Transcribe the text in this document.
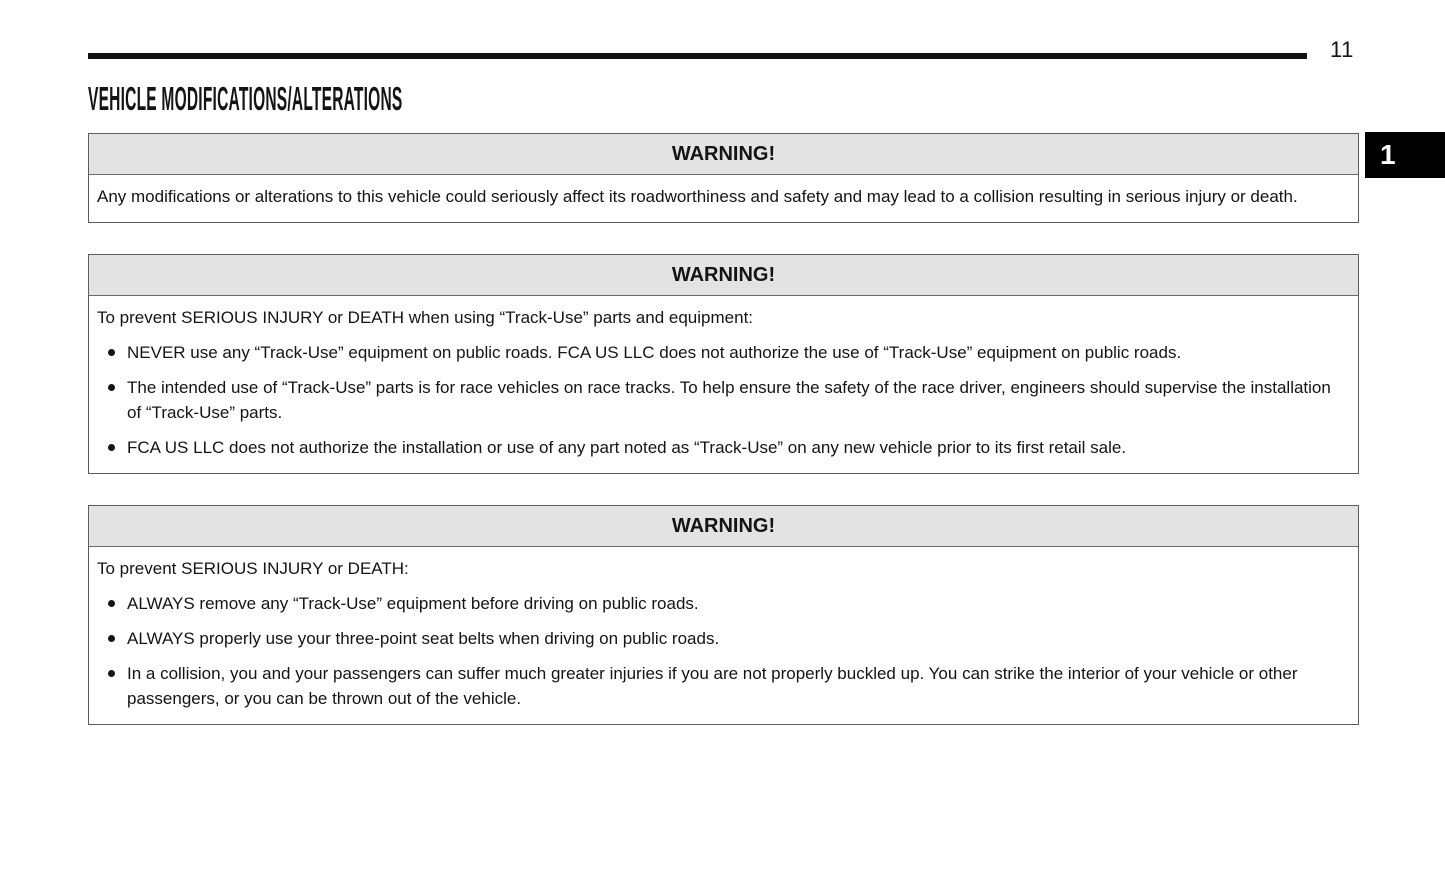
11
VEHICLE MODIFICATIONS/ALTERATIONS
1
WARNING!

Any modifications or alterations to this vehicle could seriously affect its roadworthiness and safety and may lead to a collision resulting in serious injury or death.

WARNING!

To prevent SERIOUS INJURY or DEATH when using “Track-Use” parts and equipment:

NEVER use any “Track-Use” equipment on public roads. FCA US LLC does not authorize the use of “Track-Use” equipment on public roads.
The intended use of “Track-Use” parts is for race vehicles on race tracks. To help ensure the safety of the race driver, engineers should supervise the installation of “Track-Use” parts.
FCA US LLC does not authorize the installation or use of any part noted as “Track-Use” on any new vehicle prior to its first retail sale.
WARNING!

To prevent SERIOUS INJURY or DEATH:

ALWAYS remove any “Track-Use” equipment before driving on public roads.
ALWAYS properly use your three-point seat belts when driving on public roads.
In a collision, you and your passengers can suffer much greater injuries if you are not properly buckled up. You can strike the interior of your vehicle or other passengers, or you can be thrown out of the vehicle.
